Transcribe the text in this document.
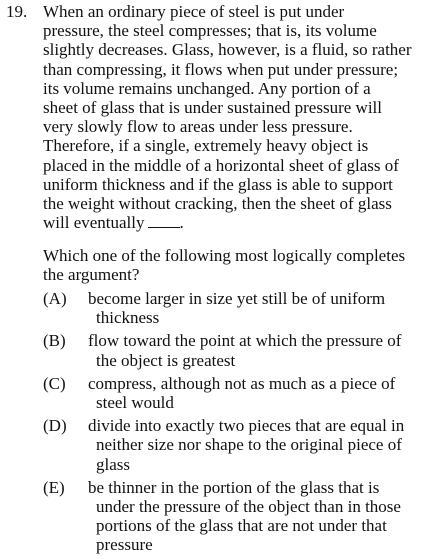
19. When an ordinary piece of steel is put under
pressure, the steel compresses; that is, its volume
slightly decreases. Glass, however, is a fluid, so rather
than compressing, it flows when put under pressure;
its volume remains unchanged. Any portion of a
sheet of glass that is under sustained pressure will
very slowly flow to areas under less pressure.
Therefore, if a single, extremely heavy object is
placed in the middle of a horizontal sheet of glass of
uniform thickness and if the glass is able to support
the weight without cracking, then the sheet of glass
will eventually .
Which one of the following most logically completes
the argument?
(A) become larger in size yet still be of uniform
thickness
(B) flow toward the point at which the pressure of
the object is greatest
(C) compress, although not as much as a piece of
steel would
(D) divide into exactly two pieces that are equal in
neither size nor shape to the original piece of
glass
(E) be thinner in the portion of the glass that is
under the pressure of the object than in those
portions of the glass that are not under that
pressure
